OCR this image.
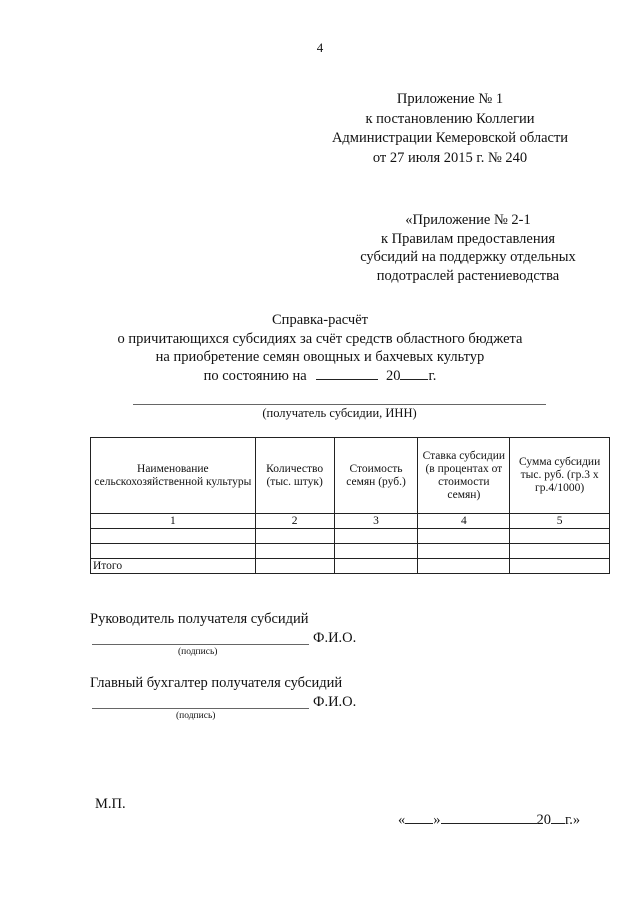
4
Приложение № 1
к постановлению Коллегии
Администрации Кемеровской области
от 27 июля 2015 г. № 240
«Приложение № 2-1
к Правилам предоставления
субсидий на поддержку отдельных
подотраслей растениеводства
Справка-расчёт
о причитающихся субсидиях за счёт средств областного бюджета
на приобретение семян овощных и бахчевых культур
по состоянию на	20 г.
(получатель субсидии, ИНН)
Наименование сельскохозяйственной культуры	Количество (тыс. штук)	Стоимость семян (руб.)	Ставка субсидии (в процентах от стоимости семян)	Сумма субсидии тыс. руб. (гр.3 х гр.4/1000)
1	2	3	4	5

Итого				
Руководитель получателя субсидий
Ф.И.О.
(подпись)
Главный бухгалтер получателя субсидий
Ф.И.О.
(подпись)
М.П.
« »	20 г.»
